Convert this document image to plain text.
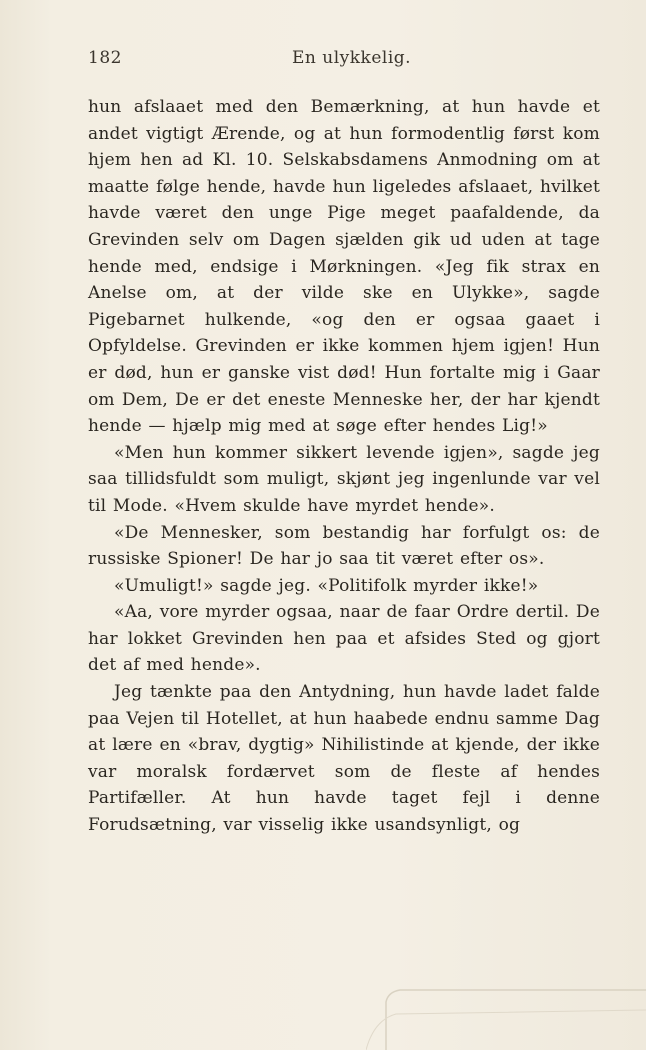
182	En ulykkelig.

hun afslaaet med den Bemærkning, at hun havde et andet vigtigt Ærende, og at hun formodentlig først kom hjem hen ad Kl. 10. Selskabsdamens Anmodning om at maatte følge hende, havde hun ligeledes afslaaet, hvilket havde været den unge Pige meget paafaldende, da Grevinden selv om Dagen sjælden gik ud uden at tage hende med, endsige i Mørkningen. «Jeg fik strax en Anelse om, at der vilde ske en Ulykke», sagde Pigebarnet hulkende, «og den er ogsaa gaaet i Opfyldelse. Grevinden er ikke kommen hjem igjen! Hun er død, hun er ganske vist død! Hun fortalte mig i Gaar om Dem, De er det eneste Menneske her, der har kjendt hende — hjælp mig med at søge efter hendes Lig!»

«Men hun kommer sikkert levende igjen», sagde jeg saa tillidsfuldt som muligt, skjønt jeg ingenlunde var vel til Mode. «Hvem skulde have myrdet hende».

«De Mennesker, som bestandig har forfulgt os: de russiske Spioner! De har jo saa tit været efter os».

«Umuligt!» sagde jeg. «Politifolk myrder ikke!»

«Aa, vore myrder ogsaa, naar de faar Ordre dertil. De har lokket Grevinden hen paa et afsides Sted og gjort det af med hende».

Jeg tænkte paa den Antydning, hun havde ladet falde paa Vejen til Hotellet, at hun haabede endnu samme Dag at lære en «brav, dygtig» Nihilistinde at kjende, der ikke var moralsk fordærvet som de fleste af hendes Partifæller. At hun havde taget fejl i denne Forudsætning, var visselig ikke usandsynligt, og
